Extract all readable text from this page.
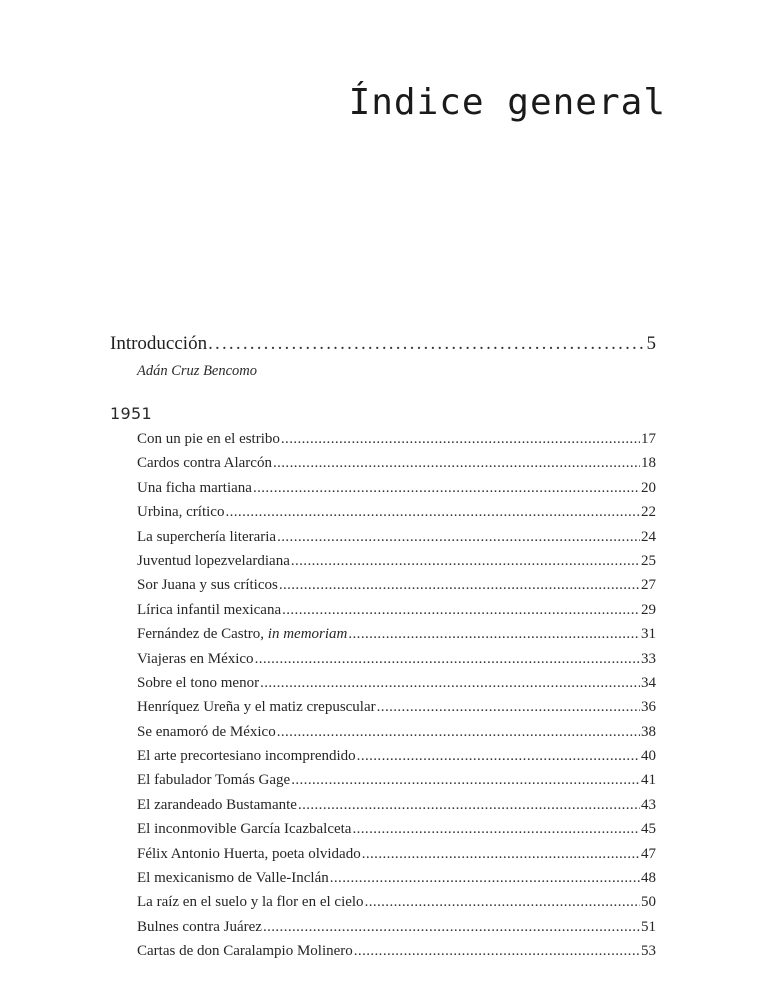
Índice general
Introducción .....	5
Adán Cruz Bencomo
1951
Con un pie en el estribo .....	17
Cardos contra Alarcón .....	18
Una ficha martiana .....	20
Urbina, crítico .....	22
La superchería literaria .....	24
Juventud lopezvelardiana .....	25
Sor Juana y sus críticos .....	27
Lírica infantil mexicana .....	29
Fernández de Castro, in memoriam .....	31
Viajeras en México .....	33
Sobre el tono menor .....	34
Henríquez Ureña y el matiz crepuscular .....	36
Se enamoró de México .....	38
El arte precortesiano incomprendido .....	40
El fabulador Tomás Gage .....	41
El zarandeado Bustamante .....	43
El inconmovible García Icazbalceta .....	45
Félix Antonio Huerta, poeta olvidado .....	47
El mexicanismo de Valle-Inclán .....	48
La raíz en el suelo y la flor en el cielo .....	50
Bulnes contra Juárez .....	51
Cartas de don Caralampio Molinero .....	53
